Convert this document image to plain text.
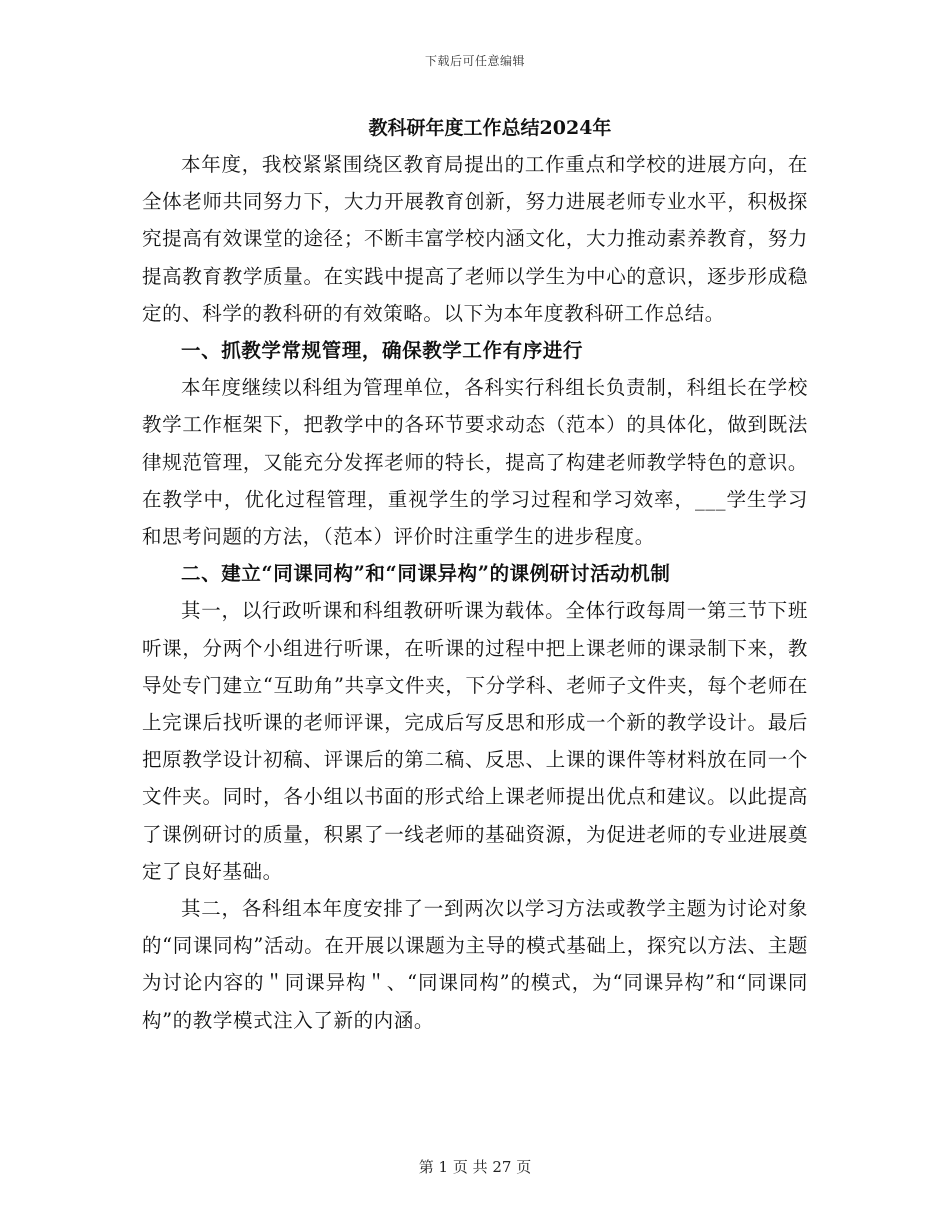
下载后可任意编辑
教科研年度工作总结2024年

本年度，我校紧紧围绕区教育局提出的工作重点和学校的进展方向，在全体老师共同努力下，大力开展教育创新，努力进展老师专业水平，积极探究提高有效课堂的途径；不断丰富学校内涵文化，大力推动素养教育，努力提高教育教学质量。在实践中提高了老师以学生为中心的意识，逐步形成稳定的、科学的教科研的有效策略。以下为本年度教科研工作总结。

一、抓教学常规管理，确保教学工作有序进行

本年度继续以科组为管理单位，各科实行科组长负责制，科组长在学校教学工作框架下，把教学中的各环节要求动态（范本）的具体化，做到既法律规范管理，又能充分发挥老师的特长，提高了构建老师教学特色的意识。在教学中，优化过程管理，重视学生的学习过程和学习效率，___学生学习和思考问题的方法，（范本）评价时注重学生的进步程度。

二、建立“同课同构”和“同课异构”的课例研讨活动机制

其一，以行政听课和科组教研听课为载体。全体行政每周一第三节下班听课，分两个小组进行听课，在听课的过程中把上课老师的课录制下来，教导处专门建立“互助角”共享文件夹，下分学科、老师子文件夹，每个老师在上完课后找听课的老师评课，完成后写反思和形成一个新的教学设计。最后把原教学设计初稿、评课后的第二稿、反思、上课的课件等材料放在同一个文件夹。同时，各小组以书面的形式给上课老师提出优点和建议。以此提高了课例研讨的质量，积累了一线老师的基础资源，为促进老师的专业进展奠定了良好基础。

其二，各科组本年度安排了一到两次以学习方法或教学主题为讨论对象的“同课同构”活动。在开展以课题为主导的模式基础上，探究以方法、主题为讨论内容的＂同课异构＂、“同课同构”的模式，为“同课异构”和“同课同构”的教学模式注入了新的内涵。

第 1 页 共 27 页
